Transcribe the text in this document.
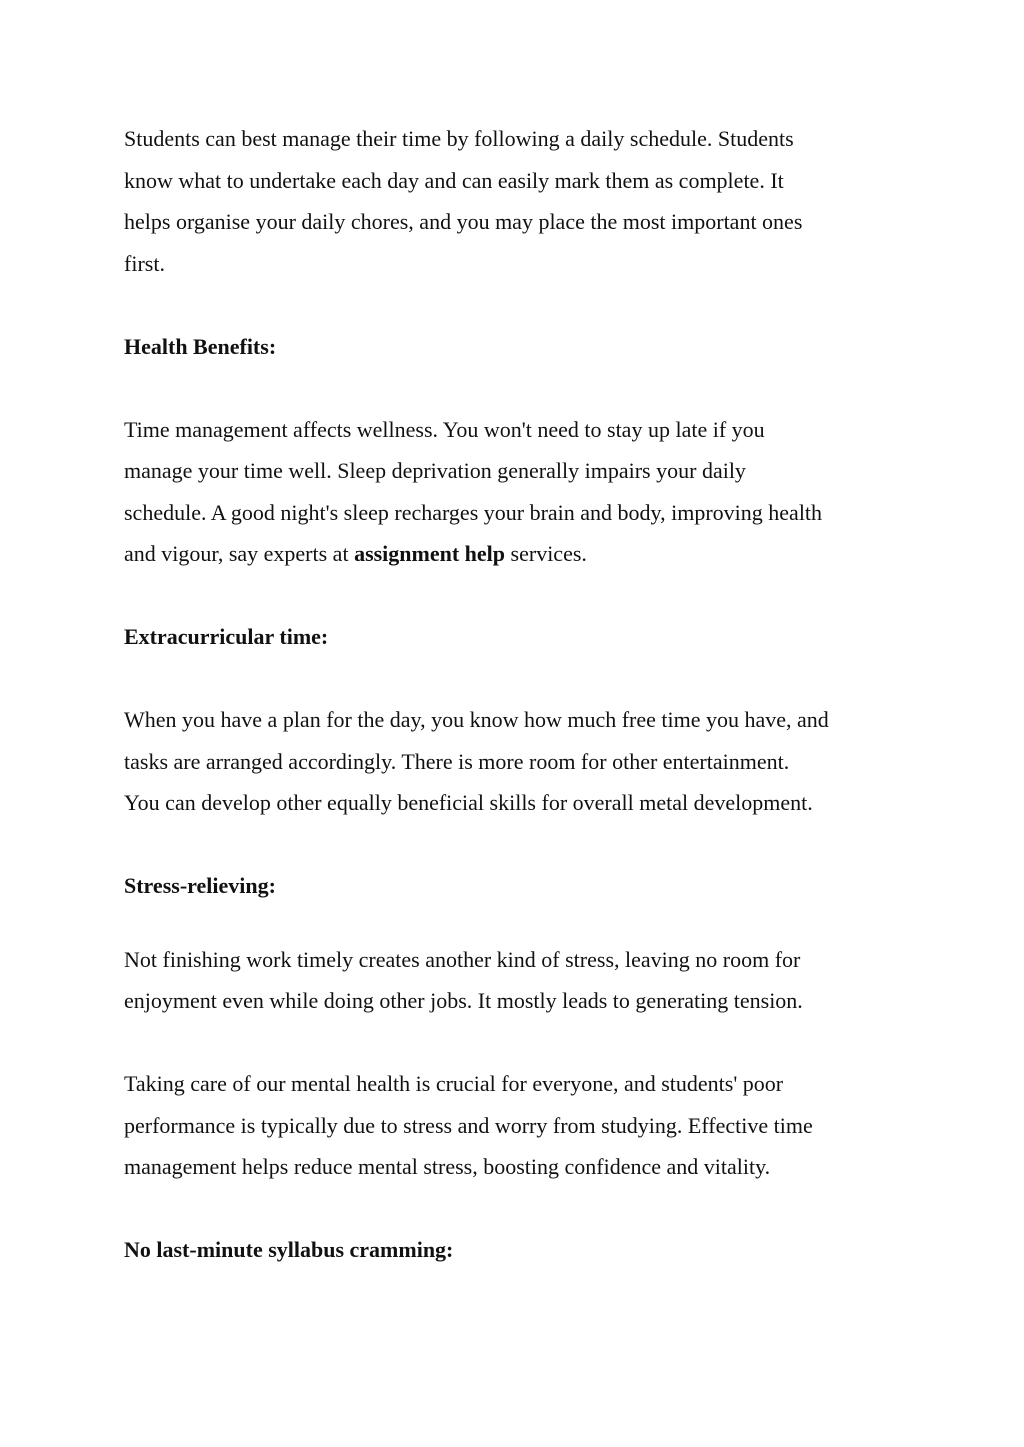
Students can best manage their time by following a daily schedule. Students
know what to undertake each day and can easily mark them as complete. It
helps organise your daily chores, and you may place the most important ones
first.
Health Benefits:
Time management affects wellness. You won't need to stay up late if you
manage your time well. Sleep deprivation generally impairs your daily
schedule. A good night's sleep recharges your brain and body, improving health
and vigour, say experts at assignment help services.
Extracurricular time:
When you have a plan for the day, you know how much free time you have, and
tasks are arranged accordingly. There is more room for other entertainment.
You can develop other equally beneficial skills for overall metal development.
Stress-relieving:
Not finishing work timely creates another kind of stress, leaving no room for
enjoyment even while doing other jobs. It mostly leads to generating tension.
Taking care of our mental health is crucial for everyone, and students' poor
performance is typically due to stress and worry from studying. Effective time
management helps reduce mental stress, boosting confidence and vitality.
No last-minute syllabus cramming:
